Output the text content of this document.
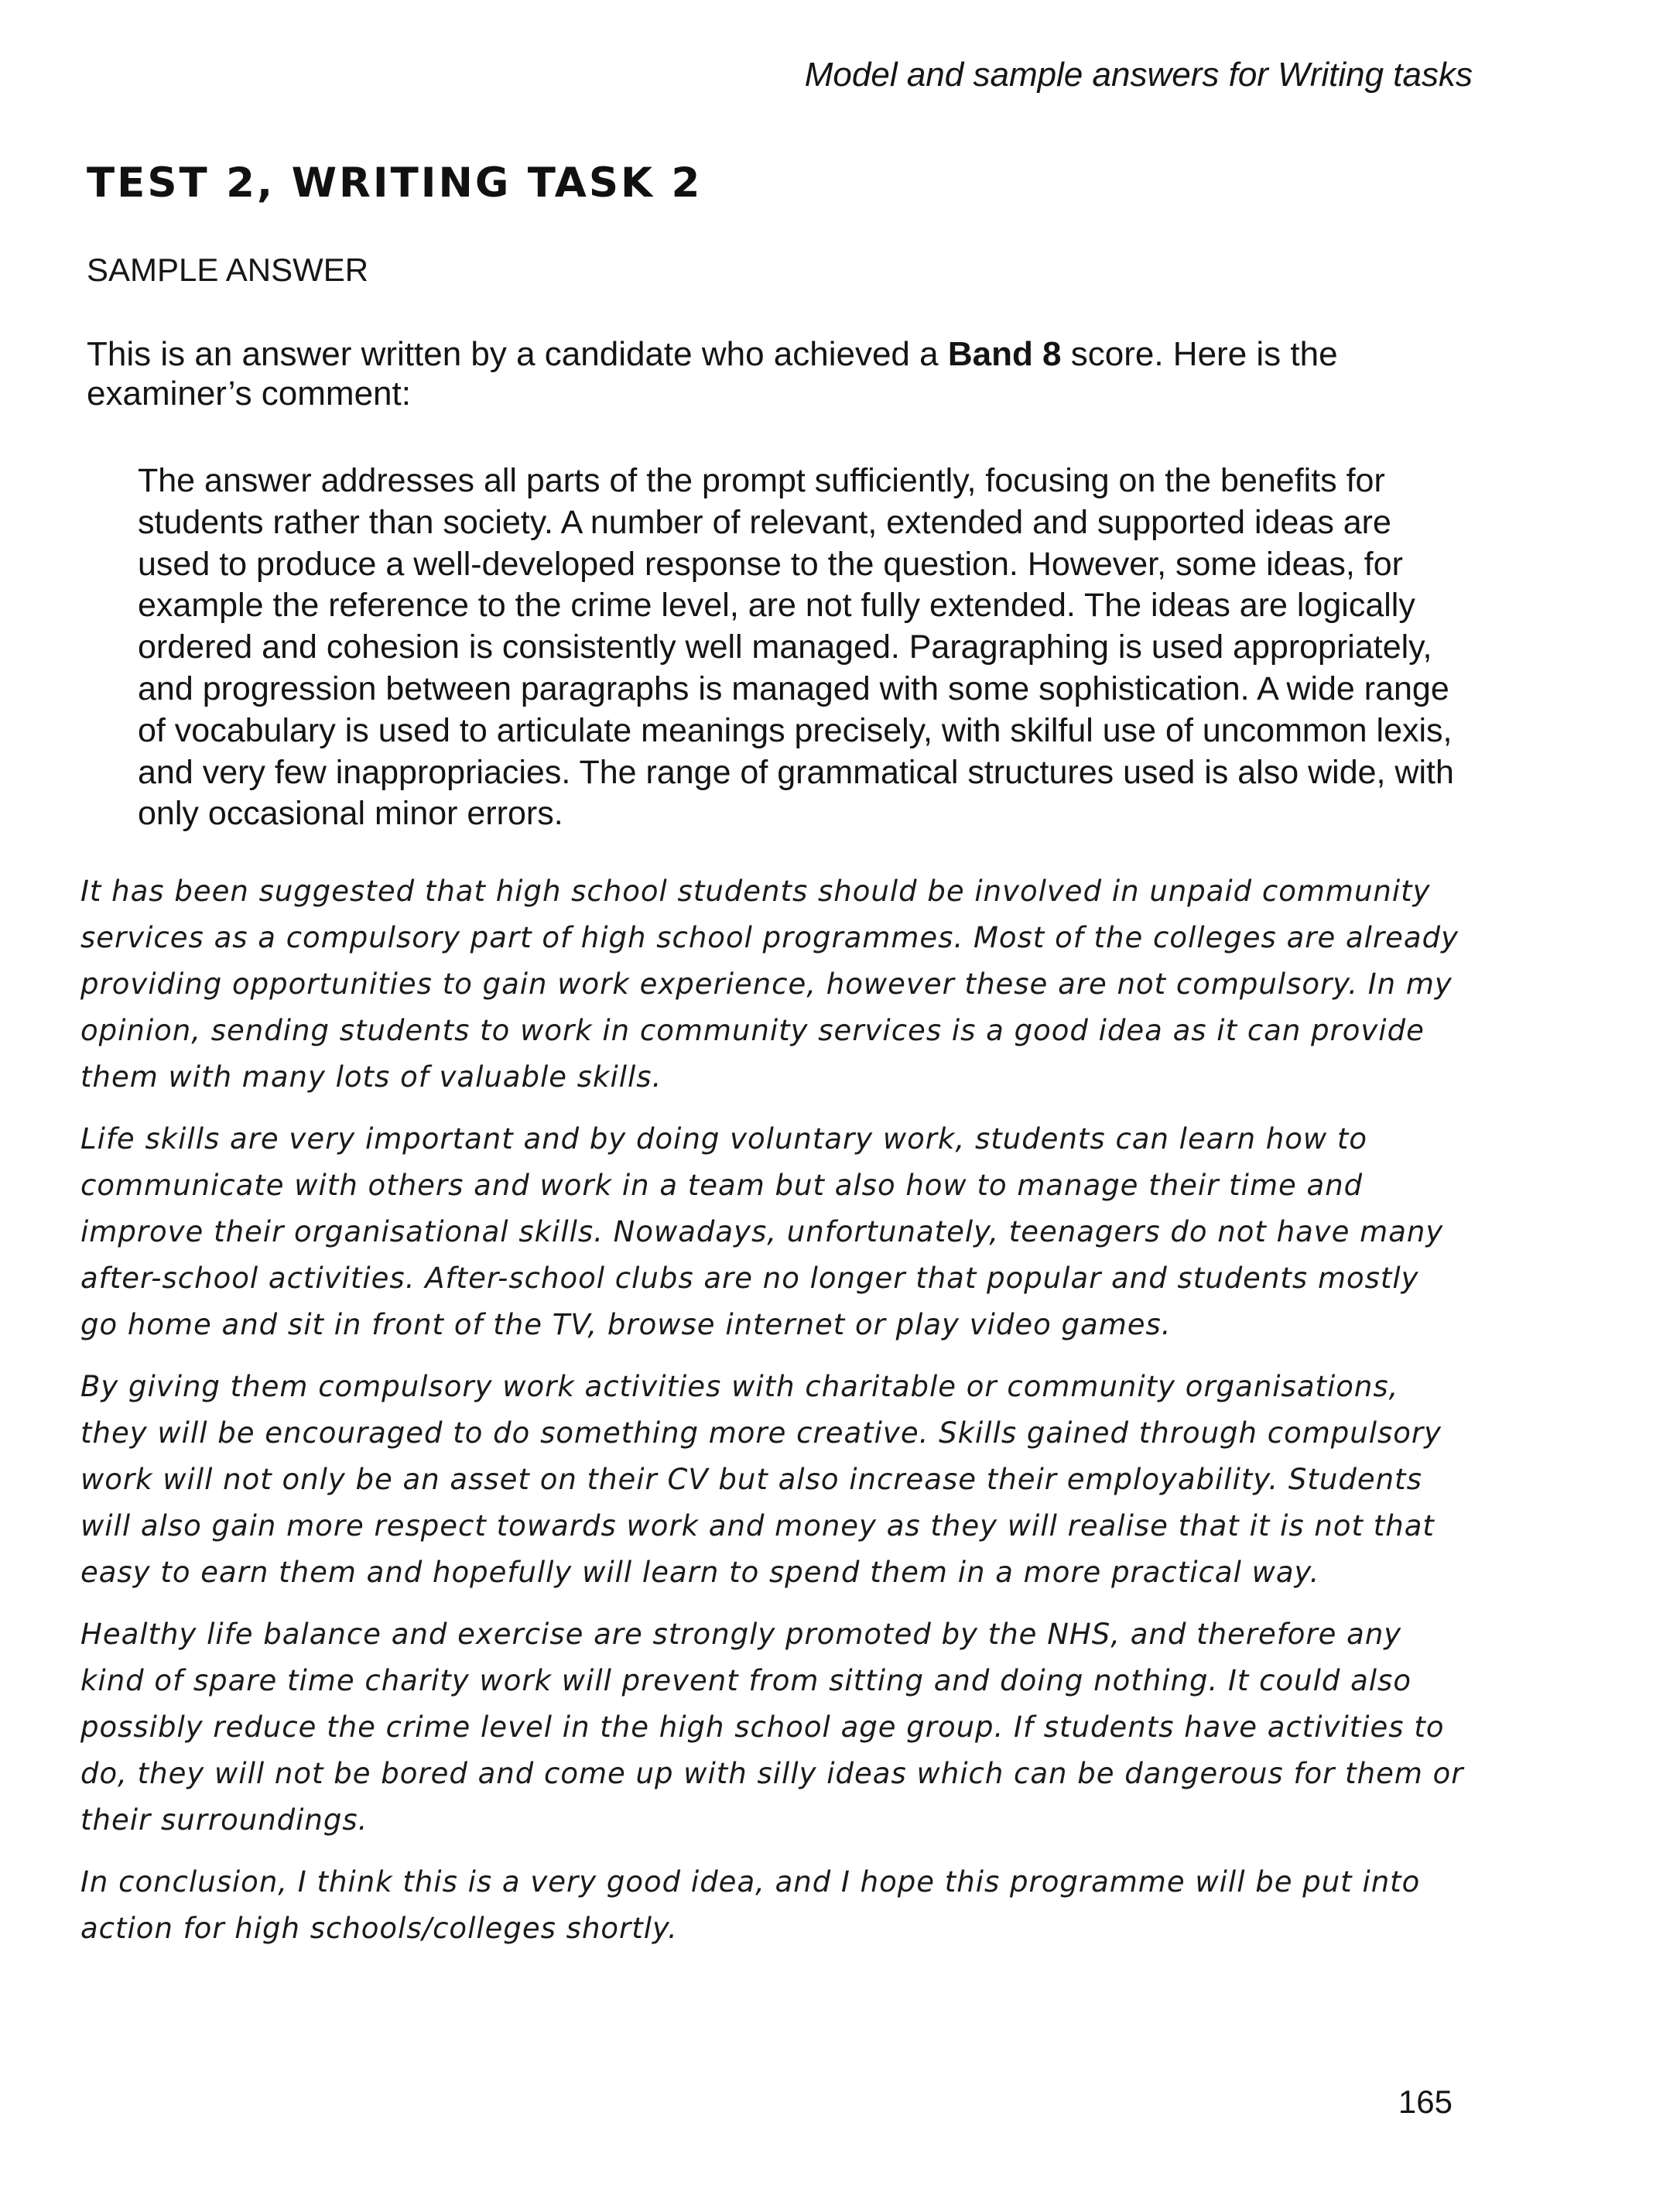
Model and sample answers for Writing tasks
TEST 2, WRITING TASK 2
SAMPLE ANSWER

This is an answer written by a candidate who achieved a Band 8 score. Here is the examiner’s comment:

The answer addresses all parts of the prompt sufficiently, focusing on the benefits for students rather than society. A number of relevant, extended and supported ideas are used to produce a well-developed response to the question. However, some ideas, for example the reference to the crime level, are not fully extended. The ideas are logically ordered and cohesion is consistently well managed. Paragraphing is used appropriately, and progression between paragraphs is managed with some sophistication. A wide range of vocabulary is used to articulate meanings precisely, with skilful use of uncommon lexis, and very few inappropriacies. The range of grammatical structures used is also wide, with only occasional minor errors.

It has been suggested that high school students should be involved in unpaid community services as a compulsory part of high school programmes. Most of the colleges are already providing opportunities to gain work experience, however these are not compulsory. In my opinion, sending students to work in community services is a good idea as it can provide them with many lots of valuable skills.

Life skills are very important and by doing voluntary work, students can learn how to communicate with others and work in a team but also how to manage their time and improve their organisational skills. Nowadays, unfortunately, teenagers do not have many after-school activities. After-school clubs are no longer that popular and students mostly go home and sit in front of the TV, browse internet or play video games.

By giving them compulsory work activities with charitable or community organisations, they will be encouraged to do something more creative. Skills gained through compulsory work will not only be an asset on their CV but also increase their employability. Students will also gain more respect towards work and money as they will realise that it is not that easy to earn them and hopefully will learn to spend them in a more practical way.

Healthy life balance and exercise are strongly promoted by the NHS, and therefore any kind of spare time charity work will prevent from sitting and doing nothing. It could also possibly reduce the crime level in the high school age group. If students have activities to do, they will not be bored and come up with silly ideas which can be dangerous for them or their surroundings.

In conclusion, I think this is a very good idea, and I hope this programme will be put into action for high schools/colleges shortly.

165
